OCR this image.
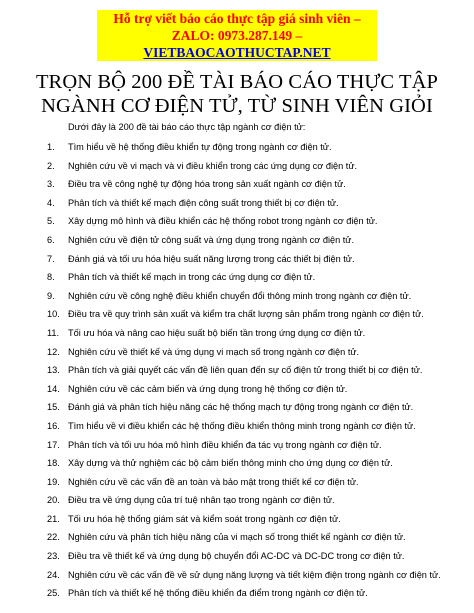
Hỗ trợ viết báo cáo thực tập giá sinh viên – ZALO: 0973.287.149 –
VIETBAOCAOTHUCTAP.NET
TRỌN BỘ 200 ĐỀ TÀI BÁO CÁO THỰC TẬP
NGÀNH CƠ ĐIỆN TỬ, TỪ SINH VIÊN GIỎI
Dưới đây là 200 đề tài báo cáo thực tập ngành cơ điện tử:
1.	Tìm hiểu về hệ thống điều khiển tự động trong ngành cơ điện tử.
2.	Nghiên cứu về vi mạch và vi điều khiển trong các ứng dụng cơ điện tử.
3.	Điều tra về công nghệ tự động hóa trong sản xuất ngành cơ điện tử.
4.	Phân tích và thiết kế mạch điện công suất trong thiết bị cơ điện tử.
5.	Xây dựng mô hình và điều khiển các hệ thống robot trong ngành cơ điện tử.
6.	Nghiên cứu về điện tử công suất và ứng dụng trong ngành cơ điện tử.
7.	Đánh giá và tối ưu hóa hiệu suất năng lượng trong các thiết bị điện tử.
8.	Phân tích và thiết kế mạch in trong các ứng dụng cơ điện tử.
9.	Nghiên cứu về công nghệ điều khiển chuyển đổi thông minh trong ngành cơ điện tử.
10. Điều tra về quy trình sản xuất và kiểm tra chất lượng sản phẩm trong ngành cơ điện tử.
11. Tối ưu hóa và nâng cao hiệu suất bộ biến tần trong ứng dụng cơ điện tử.
12. Nghiên cứu về thiết kế và ứng dụng vi mạch số trong ngành cơ điện tử.
13. Phân tích và giải quyết các vấn đề liên quan đến sự cố điện tử trong thiết bị cơ điện tử.
14. Nghiên cứu về các cảm biến và ứng dụng trong hệ thống cơ điện tử.
15. Đánh giá và phân tích hiệu năng các hệ thống mạch tự động trong ngành cơ điện tử.
16. Tìm hiểu về vi điều khiển các hệ thống điều khiển thông minh trong ngành cơ điện tử.
17. Phân tích và tối ưu hóa mô hình điều khiển đa tác vụ trong ngành cơ điện tử.
18. Xây dựng và thử nghiệm các bộ cảm biến thông minh cho ứng dụng cơ điện tử.
19. Nghiên cứu về các vấn đề an toàn và bảo mật trong thiết kế cơ điện tử.
20. Điều tra về ứng dụng của trí tuệ nhân tạo trong ngành cơ điện tử.
21. Tối ưu hóa hệ thống giám sát và kiểm soát trong ngành cơ điện tử.
22. Nghiên cứu và phân tích hiệu năng của vi mạch số trong thiết kế ngành cơ điện tử.
23. Điều tra về thiết kế và ứng dụng bộ chuyển đổi AC-DC và DC-DC trong cơ điện tử.
24. Nghiên cứu về các vấn đề về sử dụng năng lượng và tiết kiệm điện trong ngành cơ điện tử.
25. Phân tích và thiết kế hệ thống điều khiển đa điểm trong ngành cơ điện tử.
